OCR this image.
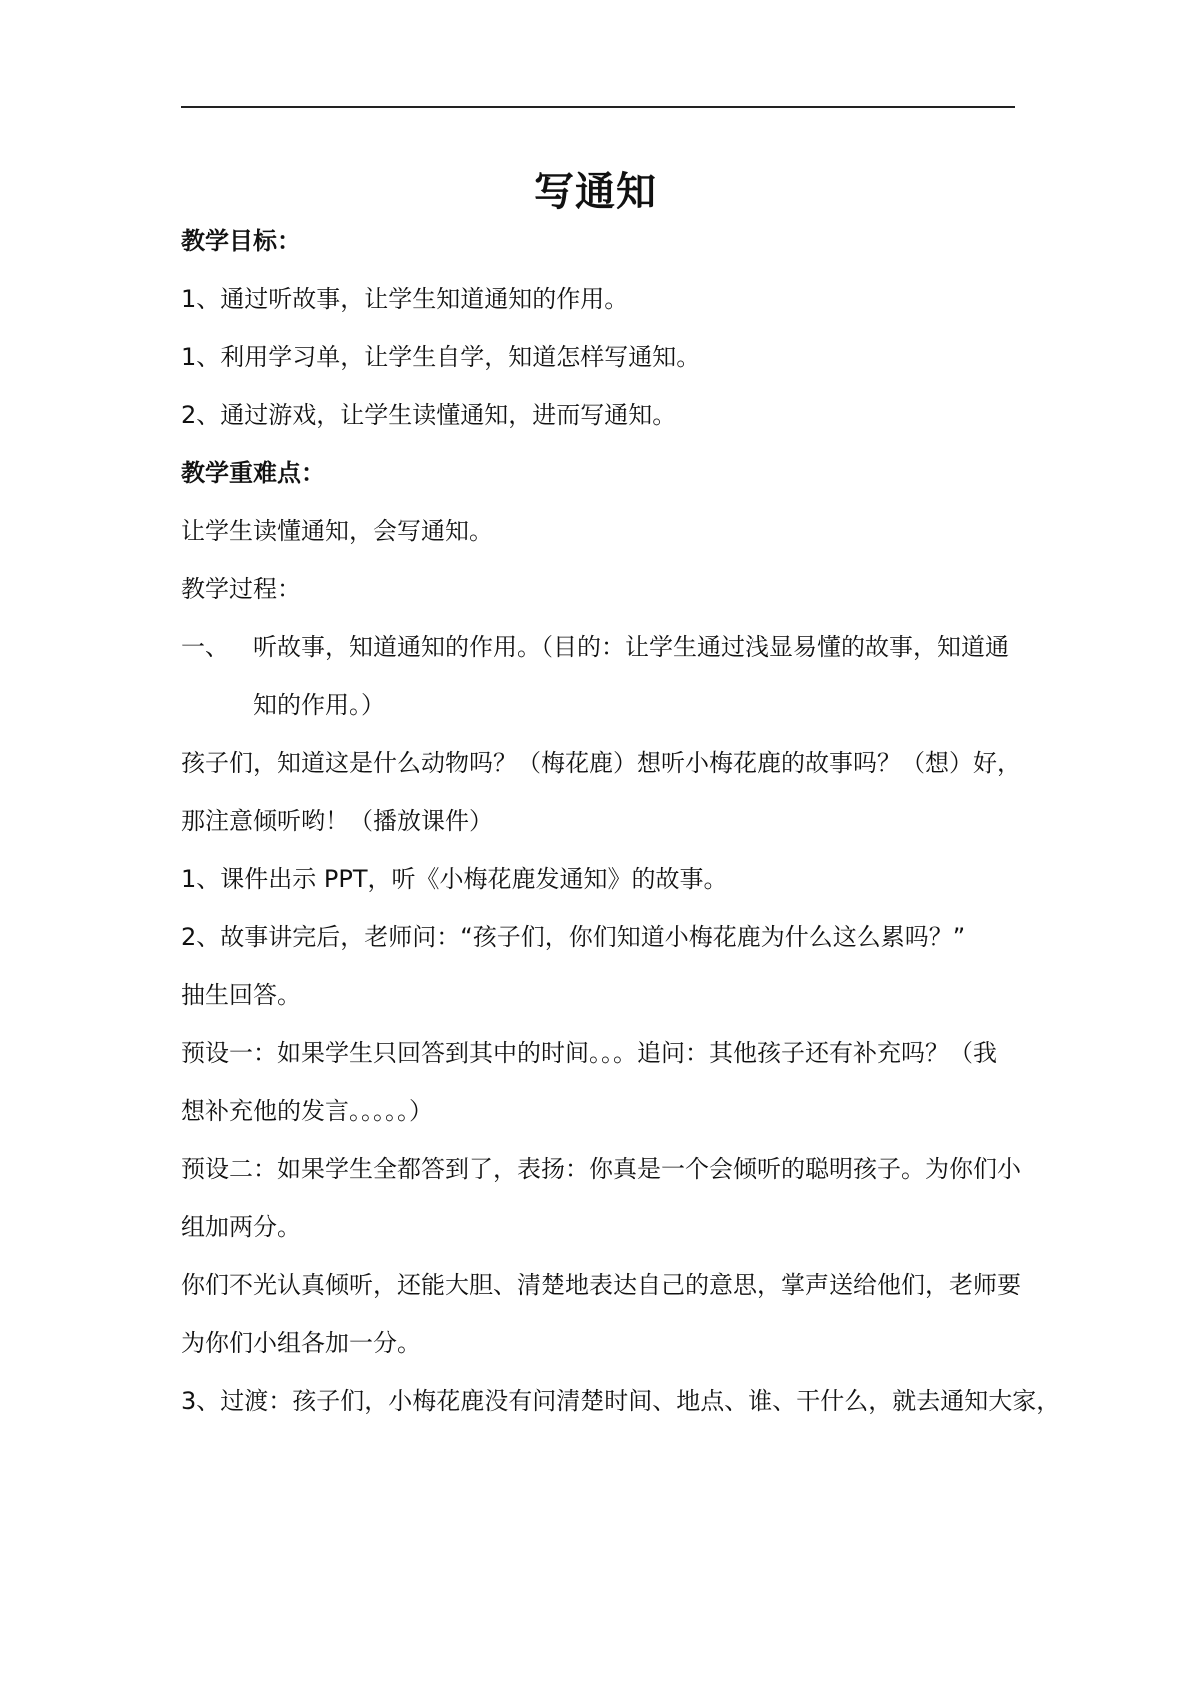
写通知
教学目标：
1、通过听故事，让学生知道通知的作用。
1、利用学习单，让学生自学，知道怎样写通知。
2、通过游戏，让学生读懂通知，进而写通知。
教学重难点：
让学生读懂通知，会写通知。
教学过程：
一、 听故事，知道通知的作用。（目的：让学生通过浅显易懂的故事，知道通
知的作用。）
孩子们，知道这是什么动物吗？（梅花鹿）想听小梅花鹿的故事吗？（想）好，
那注意倾听哟！（播放课件）
1、课件出示 PPT，听《小梅花鹿发通知》的故事。
2、故事讲完后，老师问：“孩子们，你们知道小梅花鹿为什么这么累吗？”
抽生回答。
预设一：如果学生只回答到其中的时间。。。追问：其他孩子还有补充吗？（我
想补充他的发言。。。。。）
预设二：如果学生全都答到了，表扬：你真是一个会倾听的聪明孩子。为你们小
组加两分。
你们不光认真倾听，还能大胆、清楚地表达自己的意思，掌声送给他们，老师要
为你们小组各加一分。
3、过渡：孩子们，小梅花鹿没有问清楚时间、地点、谁、干什么，就去通知大家，
